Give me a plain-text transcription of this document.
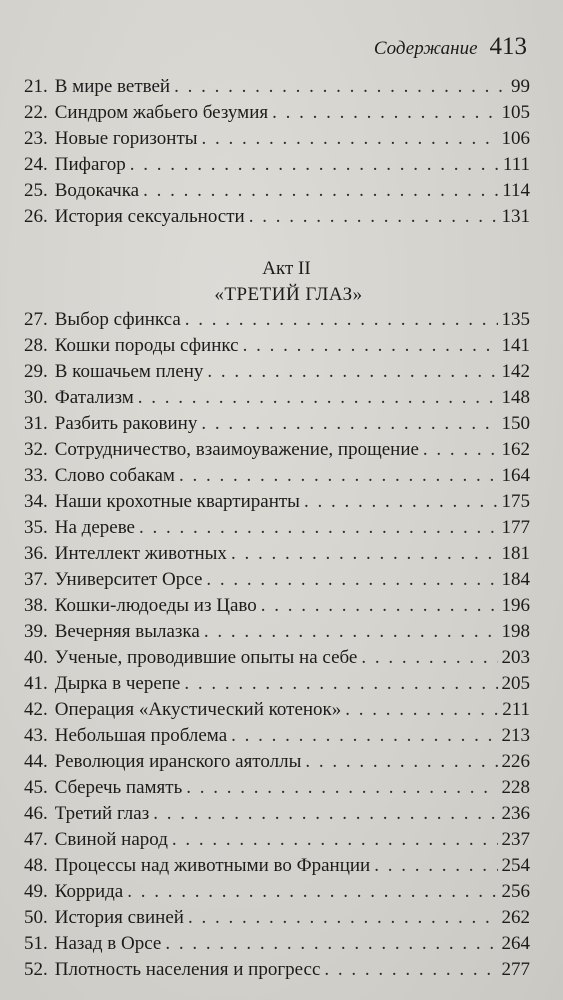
Содержание 413
21. В мире ветвей . . .	99
22. Синдром жабьего безумия . . .	105
23. Новые горизонты . . .	106
24. Пифагор . . .	111
25. Водокачка . . .	114
26. История сексуальности . . .	131
Акт II
«ТРЕТИЙ ГЛАЗ»
27. Выбор сфинкса . . .	135
28. Кошки породы сфинкс . . .	141
29. В кошачьем плену . . .	142
30. Фатализм . . .	148
31. Разбить раковину . . .	150
32. Сотрудничество, взаимоуважение, прощение . . .	162
33. Слово собакам . . .	164
34. Наши крохотные квартиранты . . .	175
35. На дереве . . .	177
36. Интеллект животных . . .	181
37. Университет Орсе . . .	184
38. Кошки-людоеды из Цаво . . .	196
39. Вечерняя вылазка . . .	198
40. Ученые, проводившие опыты на себе . . .	203
41. Дырка в черепе . . .	205
42. Операция «Акустический котенок» . . .	211
43. Небольшая проблема . . .	213
44. Революция иранского аятоллы . . .	226
45. Сберечь память . . .	228
46. Третий глаз . . .	236
47. Свиной народ . . .	237
48. Процессы над животными во Франции . . .	254
49. Коррида . . .	256
50. История свиней . . .	262
51. Назад в Орсе . . .	264
52. Плотность населения и прогресс . . .	277
